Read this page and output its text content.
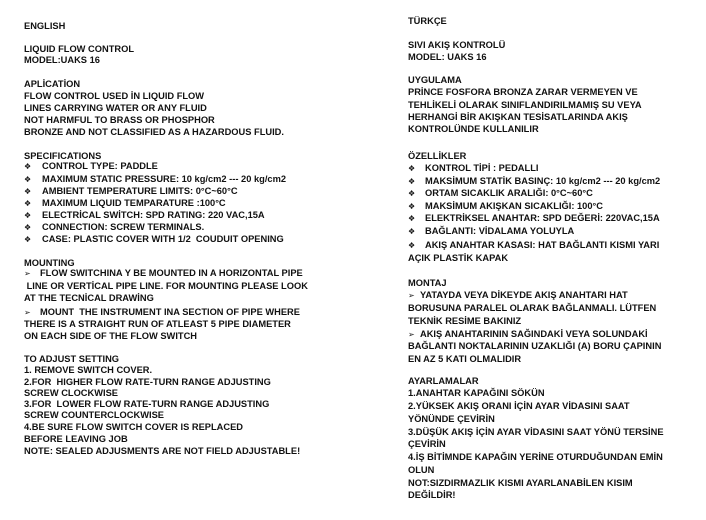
ENGLISH
LIQUID FLOW CONTROL
MODEL:UAKS 16
APLİCATİON
FLOW CONTROL USED İN LIQUID FLOW
LINES CARRYING WATER OR ANY FLUID
NOT HARMFUL TO BRASS OR PHOSPHOR
BRONZE AND NOT CLASSIFIED AS A HAZARDOUS FLUID.
SPECIFICATIONS
❖ CONTROL TYPE: PADDLE
❖ MAXIMUM STATIC PRESSURE: 10 kg/cm2 --- 20 kg/cm2
❖ AMBIENT TEMPERATURE LIMITS: 0°C~60°C
❖ MAXIMUM LIQUID TEMPARATURE :100°C
❖ ELECTRİCAL SWİTCH: SPD RATING: 220 VAC,15A
❖ CONNECTION: SCREW TERMINALS.
❖ CASE: PLASTIC COVER WITH 1/2  COUDUIT OPENING
MOUNTING
➢ FLOW SWITCHINA Y BE MOUNTED IN A HORIZONTAL PIPE
LINE OR VERTİCAL PIPE LINE. FOR MOUNTING PLEASE LOOK
AT THE TECNİCAL DRAWİNG
➢ MOUNT  THE INSTRUMENT INA SECTION OF PIPE WHERE
THERE IS A STRAIGHT RUN OF ATLEAST 5 PIPE DIAMETER
ON EACH SIDE OF THE FLOW SWITCH
TO ADJUST SETTING
1. REMOVE SWITCH COVER.
2.FOR  HIGHER FLOW RATE-TURN RANGE ADJUSTING
SCREW CLOCKWISE
3.FOR  LOWER FLOW RATE-TURN RANGE ADJUSTING
SCREW COUNTERCLOCKWISE
4.BE SURE FLOW SWITCH COVER IS REPLACED
BEFORE LEAVING JOB
NOTE: SEALED ADJUSMENTS ARE NOT FIELD ADJUSTABLE!
TÜRKÇE
SIVI AKIŞ KONTROLÜ
MODEL: UAKS 16
UYGULAMA
PRİNCE FOSFORA BRONZA ZARAR VERMEYEN VE
TEHLİKELİ OLARAK SINIFLANDIRILMAMIŞ SU VEYA
HERHANGİ BİR AKIŞKAN TESİSATLARINDA AKIŞ
KONTROLÜNDE KULLANILIR
ÖZELLİKLER
❖ KONTROL TİPİ : PEDALLI
❖ MAKSİMUM STATİK BASINÇ: 10 kg/cm2 --- 20 kg/cm2
❖ ORTAM SICAKLIK ARALIĞI: 0°C~60°C
❖ MAKSİMUM AKIŞKAN SICAKLIĞI: 100°C
❖ ELEKTRİKSEL ANAHTAR: SPD DEĞERİ: 220VAC,15A
❖ BAĞLANTI: VİDALAMA YOLUYLA
❖ AKIŞ ANAHTAR KASASI: HAT BAĞLANTI KISMI YARI
AÇIK PLASTİK KAPAK
MONTAJ
➢ YATAYDA VEYA DİKEYDE AKIŞ ANAHTARI HAT
BORUSUNA PARALEL OLARAK BAĞLANMALI. LÜTFEN
TEKNİK RESİME BAKINIZ
➢ AKIŞ ANAHTARININ SAĞINDAKİ VEYA SOLUNDAKİ
BAĞLANTI NOKTALARININ UZAKLIĞI (A) BORU ÇAPININ
EN AZ 5 KATI OLMALIDIR
AYARLAMALAR
1.ANAHTAR KAPAĞINI SÖKÜN
2.YÜKSEK AKIŞ ORANI İÇİN AYAR VİDASINI SAAT
YÖNÜNDE ÇEVİRİN
3.DÜŞÜK AKIŞ İÇİN AYAR VİDASINI SAAT YÖNÜ TERSİNE
ÇEVİRİN
4.İŞ BİTİMNDE KAPAĞIN YERİNE OTURDUĞUNDAN EMİN
OLUN
NOT:SIZDIRMAZLIK KISMI AYARLANABİLEN KISIM
DEĞİLDİR!
